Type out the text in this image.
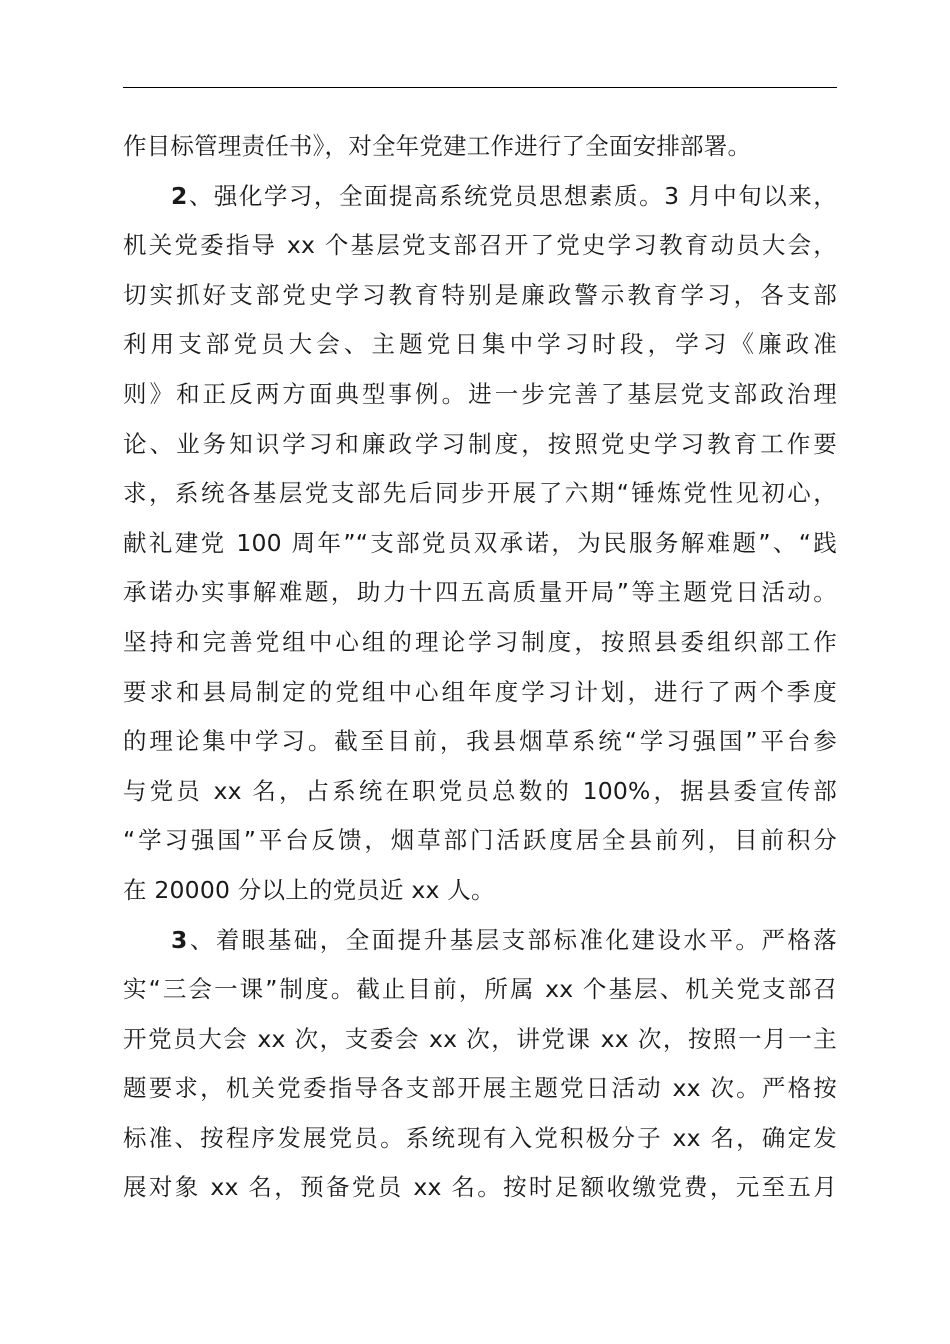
作目标管理责任书》，对全年党建工作进行了全面安排部署。
2、强化学习，全面提高系统党员思想素质。3 月中旬以来，
机关党委指导 xx 个基层党支部召开了党史学习教育动员大会，
切实抓好支部党史学习教育特别是廉政警示教育学习，各支部
利用支部党员大会、主题党日集中学习时段，学习《廉政准
则》和正反两方面典型事例。进一步完善了基层党支部政治理
论、业务知识学习和廉政学习制度，按照党史学习教育工作要
求，系统各基层党支部先后同步开展了六期“锤炼党性见初心，
献礼建党 100 周年”“支部党员双承诺，为民服务解难题”、“践
承诺办实事解难题，助力十四五高质量开局”等主题党日活动。
坚持和完善党组中心组的理论学习制度，按照县委组织部工作
要求和县局制定的党组中心组年度学习计划，进行了两个季度
的理论集中学习。截至目前，我县烟草系统“学习强国”平台参
与党员 xx 名，占系统在职党员总数的 100%，据县委宣传部
“学习强国”平台反馈，烟草部门活跃度居全县前列，目前积分
在 20000 分以上的党员近 xx 人。
3、着眼基础，全面提升基层支部标准化建设水平。严格落
实“三会一课”制度。截止目前，所属 xx 个基层、机关党支部召
开党员大会 xx 次，支委会 xx 次，讲党课 xx 次，按照一月一主
题要求，机关党委指导各支部开展主题党日活动 xx 次。严格按
标准、按程序发展党员。系统现有入党积极分子 xx 名，确定发
展对象 xx 名，预备党员 xx 名。按时足额收缴党费，元至五月
